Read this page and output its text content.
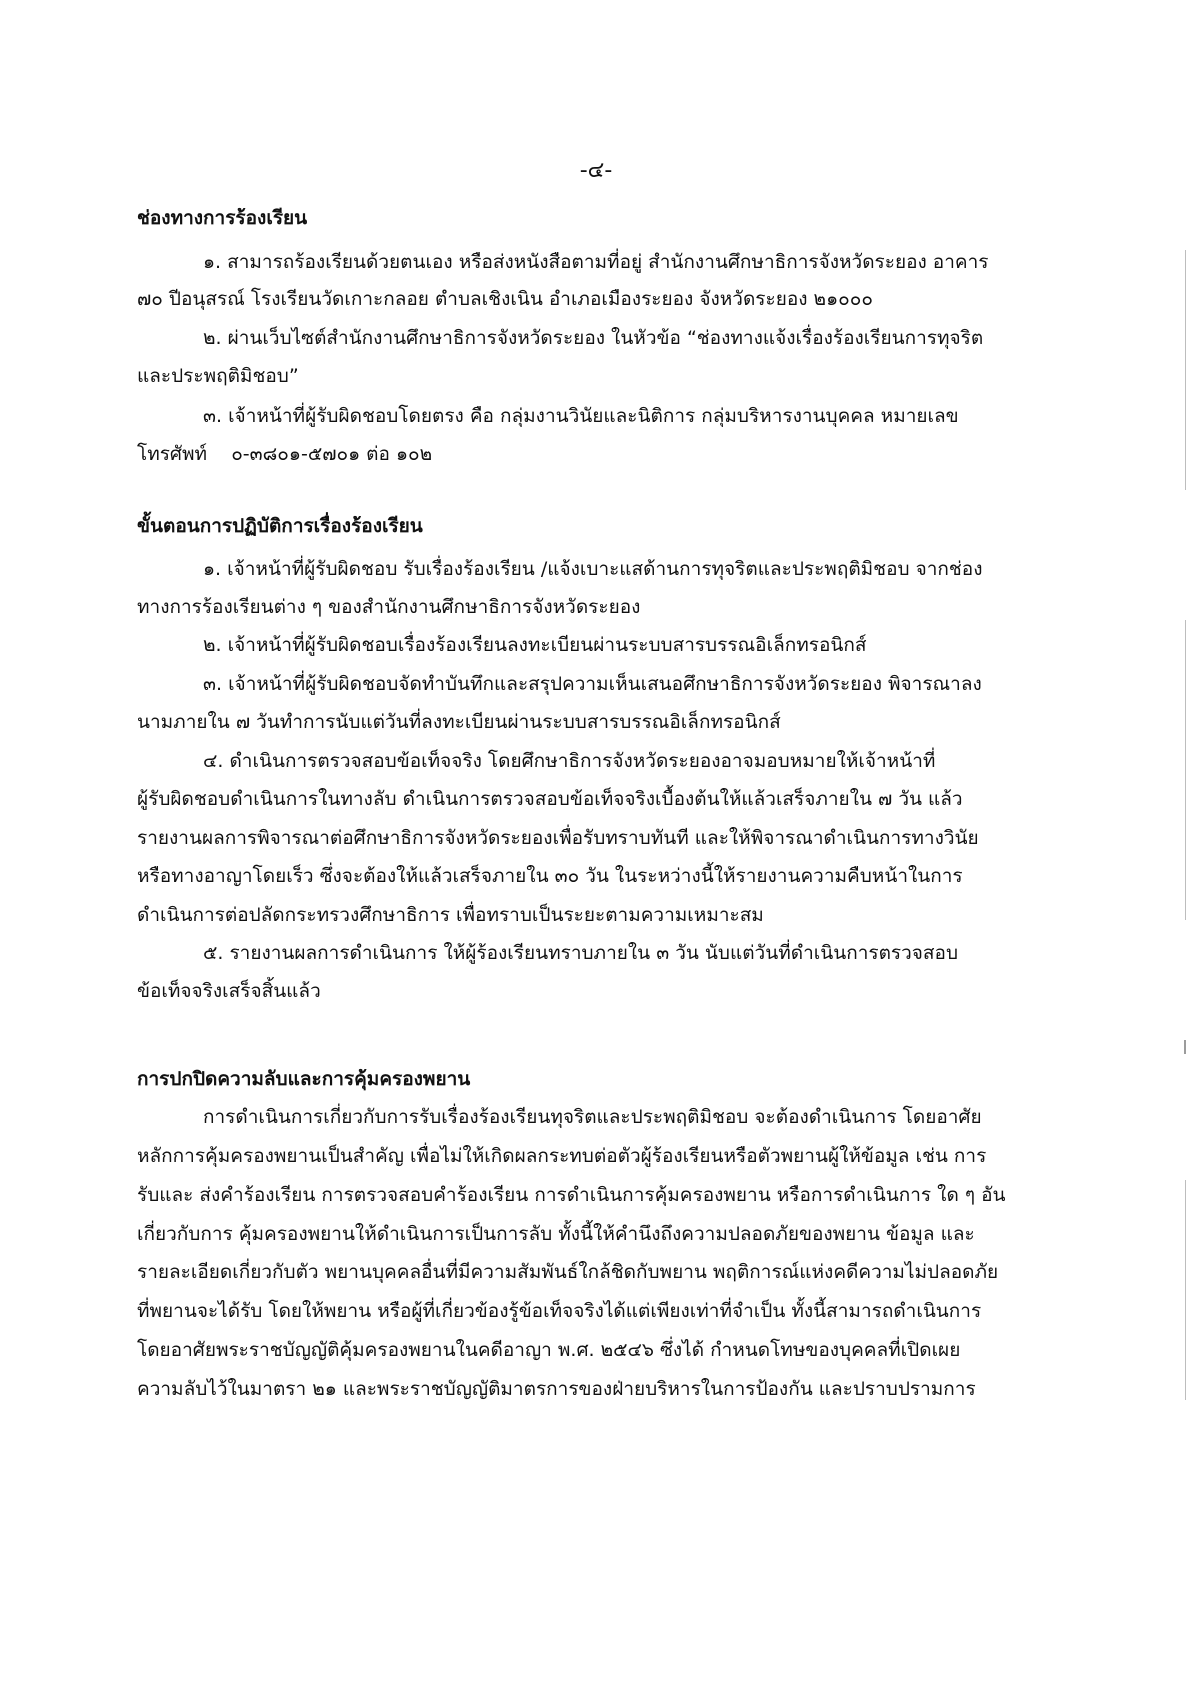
-๔-
ช่องทางการร้องเรียน
๑. สามารถร้องเรียนด้วยตนเอง หรือส่งหนังสือตามที่อยู่ สำนักงานศึกษาธิการจังหวัดระยอง อาคาร
๗๐ ปีอนุสรณ์ โรงเรียนวัดเกาะกลอย ตำบลเชิงเนิน อำเภอเมืองระยอง จังหวัดระยอง ๒๑๐๐๐
๒. ผ่านเว็บไซต์สำนักงานศึกษาธิการจังหวัดระยอง ในหัวข้อ “ช่องทางแจ้งเรื่องร้องเรียนการทุจริต
และประพฤติมิชอบ”
๓. เจ้าหน้าที่ผู้รับผิดชอบโดยตรง คือ กลุ่มงานวินัยและนิติการ กลุ่มบริหารงานบุคคล หมายเลข
โทรศัพท์    ๐-๓๘๐๑-๕๗๐๑ ต่อ ๑๐๒
ขั้นตอนการปฏิบัติการเรื่องร้องเรียน
๑. เจ้าหน้าที่ผู้รับผิดชอบ รับเรื่องร้องเรียน /แจ้งเบาะแสด้านการทุจริตและประพฤติมิชอบ จากช่อง
ทางการร้องเรียนต่าง ๆ ของสำนักงานศึกษาธิการจังหวัดระยอง
๒. เจ้าหน้าที่ผู้รับผิดชอบเรื่องร้องเรียนลงทะเบียนผ่านระบบสารบรรณอิเล็กทรอนิกส์
๓. เจ้าหน้าที่ผู้รับผิดชอบจัดทำบันทึกและสรุปความเห็นเสนอศึกษาธิการจังหวัดระยอง พิจารณาลง
นามภายใน ๗ วันทำการนับแต่วันที่ลงทะเบียนผ่านระบบสารบรรณอิเล็กทรอนิกส์
๔. ดำเนินการตรวจสอบข้อเท็จจริง โดยศึกษาธิการจังหวัดระยองอาจมอบหมายให้เจ้าหน้าที่
ผู้รับผิดชอบดำเนินการในทางลับ ดำเนินการตรวจสอบข้อเท็จจริงเบื้องต้นให้แล้วเสร็จภายใน ๗ วัน แล้ว
รายงานผลการพิจารณาต่อศึกษาธิการจังหวัดระยองเพื่อรับทราบทันที และให้พิจารณาดำเนินการทางวินัย
หรือทางอาญาโดยเร็ว ซึ่งจะต้องให้แล้วเสร็จภายใน ๓๐ วัน ในระหว่างนี้ให้รายงานความคืบหน้าในการ
ดำเนินการต่อปลัดกระทรวงศึกษาธิการ เพื่อทราบเป็นระยะตามความเหมาะสม
๕. รายงานผลการดำเนินการ ให้ผู้ร้องเรียนทราบภายใน ๓ วัน นับแต่วันที่ดำเนินการตรวจสอบ
ข้อเท็จจริงเสร็จสิ้นแล้ว
การปกปิดความลับและการคุ้มครองพยาน
การดำเนินการเกี่ยวกับการรับเรื่องร้องเรียนทุจริตและประพฤติมิชอบ จะต้องดำเนินการ โดยอาศัย
หลักการคุ้มครองพยานเป็นสำคัญ เพื่อไม่ให้เกิดผลกระทบต่อตัวผู้ร้องเรียนหรือตัวพยานผู้ให้ข้อมูล เช่น การ
รับและ ส่งคำร้องเรียน การตรวจสอบคำร้องเรียน การดำเนินการคุ้มครองพยาน หรือการดำเนินการ ใด ๆ อัน
เกี่ยวกับการ คุ้มครองพยานให้ดำเนินการเป็นการลับ ทั้งนี้ให้คำนึงถึงความปลอดภัยของพยาน ข้อมูล และ
รายละเอียดเกี่ยวกับตัว พยานบุคคลอื่นที่มีความสัมพันธ์ใกล้ชิดกับพยาน พฤติการณ์แห่งคดีความไม่ปลอดภัย
ที่พยานจะได้รับ โดยให้พยาน หรือผู้ที่เกี่ยวข้องรู้ข้อเท็จจริงได้แต่เพียงเท่าที่จำเป็น ทั้งนี้สามารถดำเนินการ
โดยอาศัยพระราชบัญญัติคุ้มครองพยานในคดีอาญา พ.ศ. ๒๕๔๖ ซึ่งได้ กำหนดโทษของบุคคลที่เปิดเผย
ความลับไว้ในมาตรา ๒๑ และพระราชบัญญัติมาตรการของฝ่ายบริหารในการป้องกัน และปราบปรามการ
